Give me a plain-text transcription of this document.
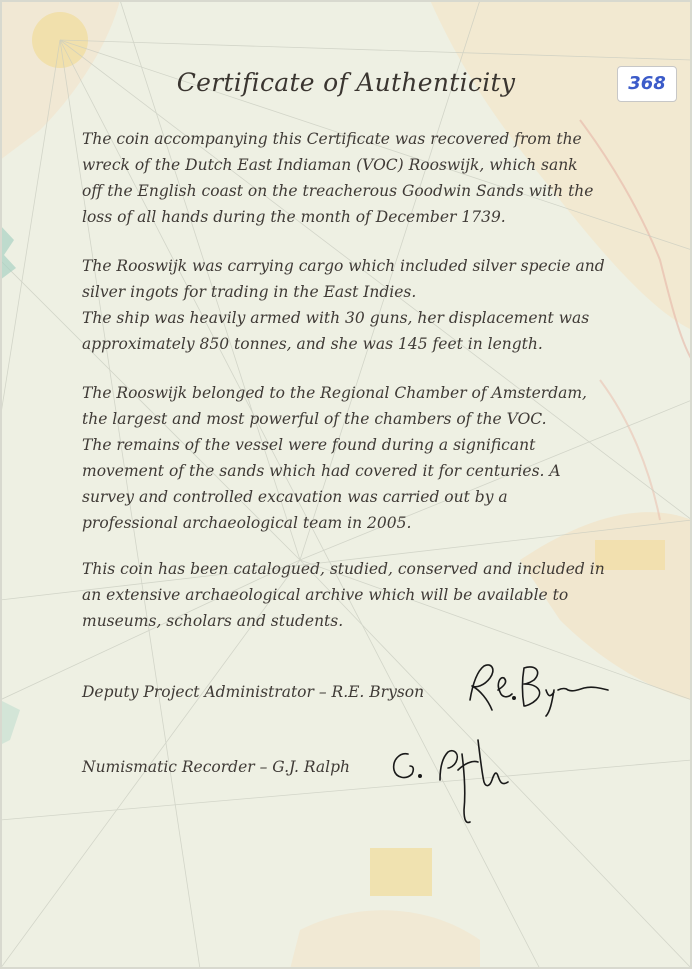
Certificate of Authenticity	368
The coin accompanying this Certificate was recovered from the
wreck of the Dutch East Indiaman (VOC) Rooswijk, which sank
off the English coast on the treacherous Goodwin Sands with the
loss of all hands during the month of December 1739.
The Rooswijk was carrying cargo which included silver specie and
silver ingots for trading in the East Indies.
The ship was heavily armed with 30 guns, her displacement was
approximately 850 tonnes, and she was 145 feet in length.
The Rooswijk belonged to the Regional Chamber of Amsterdam,
the largest and most powerful of the chambers of the VOC.
The remains of the vessel were found during a significant
movement of the sands which had covered it for centuries. A
survey and controlled excavation was carried out by a
professional archaeological team in 2005.
This coin has been catalogued, studied, conserved and included in
an extensive archaeological archive which will be available to
museums, scholars and students.
Deputy Project Administrator – R.E. Bryson
Numismatic Recorder – G.J. Ralph
